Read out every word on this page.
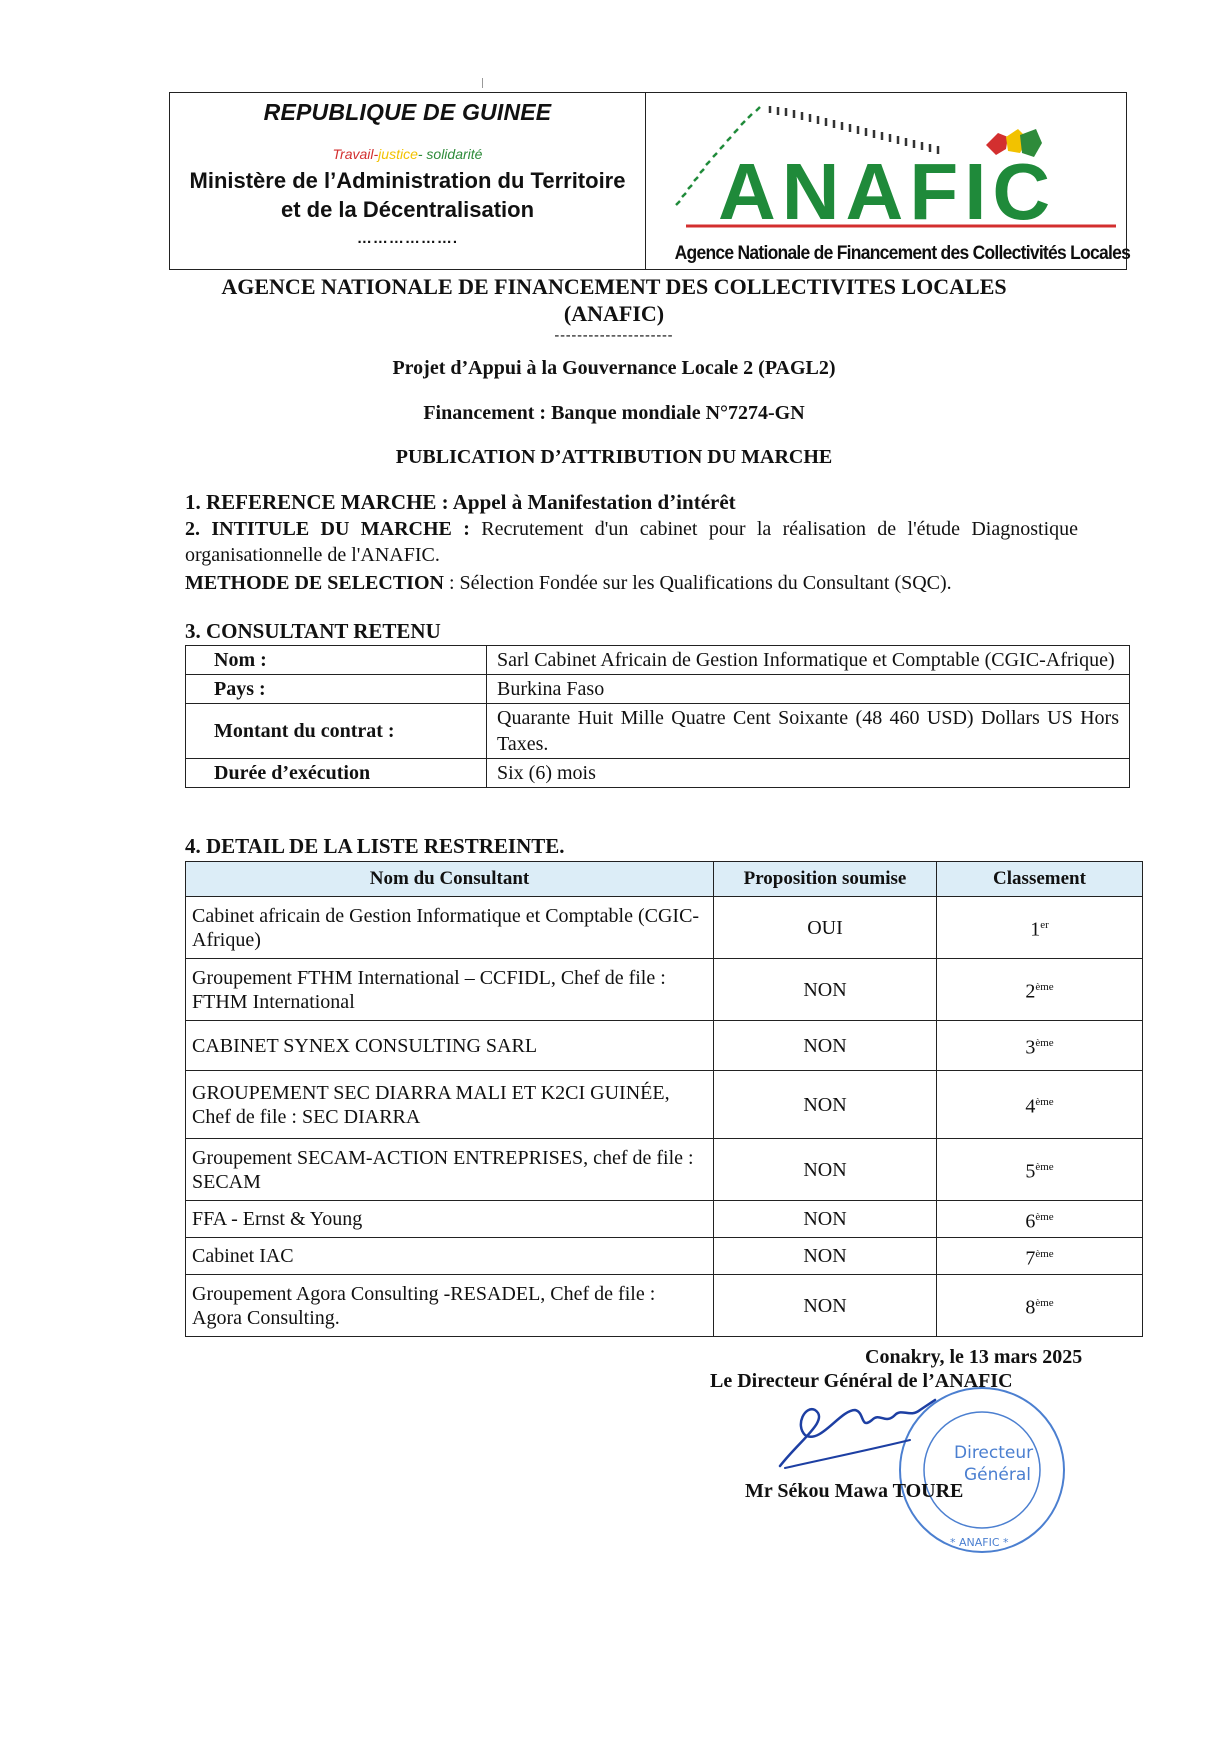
REPUBLIQUE DE GUINEE
Travail-justice- solidarité
Ministère de l’Administration du Territoire
et de la Décentralisation
……………….
ANAFIC
Agence Nationale de Financement des Collectivités Locales
AGENCE NATIONALE DE FINANCEMENT DES COLLECTIVITES LOCALES
(ANAFIC)
---------------------
Projet d’Appui à la Gouvernance Locale 2 (PAGL2)
Financement : Banque mondiale N°7274-GN
PUBLICATION D’ATTRIBUTION DU MARCHE
1. REFERENCE MARCHE : Appel à Manifestation d’intérêt
2. INTITULE DU MARCHE : Recrutement d'un cabinet pour la réalisation de l'étude Diagnostique organisationnelle de l'ANAFIC.
METHODE DE SELECTION : Sélection Fondée sur les Qualifications du Consultant (SQC).
3. CONSULTANT RETENU
Nom :	Sarl Cabinet Africain de Gestion Informatique et Comptable (CGIC-Afrique)
Pays :	Burkina Faso
Montant du contrat :	Quarante Huit Mille Quatre Cent Soixante (48 460 USD) Dollars US Hors Taxes.
Durée d’exécution	Six (6) mois
4. DETAIL DE LA LISTE RESTREINTE.
Nom du Consultant	Proposition soumise	Classement
Cabinet africain de Gestion Informatique et Comptable (CGIC-Afrique)	OUI	1er
Groupement FTHM International – CCFIDL, Chef de file : FTHM International	NON	2ème
CABINET SYNEX CONSULTING SARL	NON	3ème
GROUPEMENT SEC DIARRA MALI ET K2CI GUINÉE, Chef de file : SEC DIARRA	NON	4ème
Groupement SECAM-ACTION ENTREPRISES, chef de file : SECAM	NON	5ème
FFA - Ernst & Young	NON	6ème
Cabinet IAC	NON	7ème
Groupement Agora Consulting -RESADEL, Chef de file : Agora Consulting.	NON	8ème
Conakry, le 13 mars 2025
Le Directeur Général de l’ANAFIC
Directeur
Général
* ANAFIC *
Mr Sékou Mawa TOURE
